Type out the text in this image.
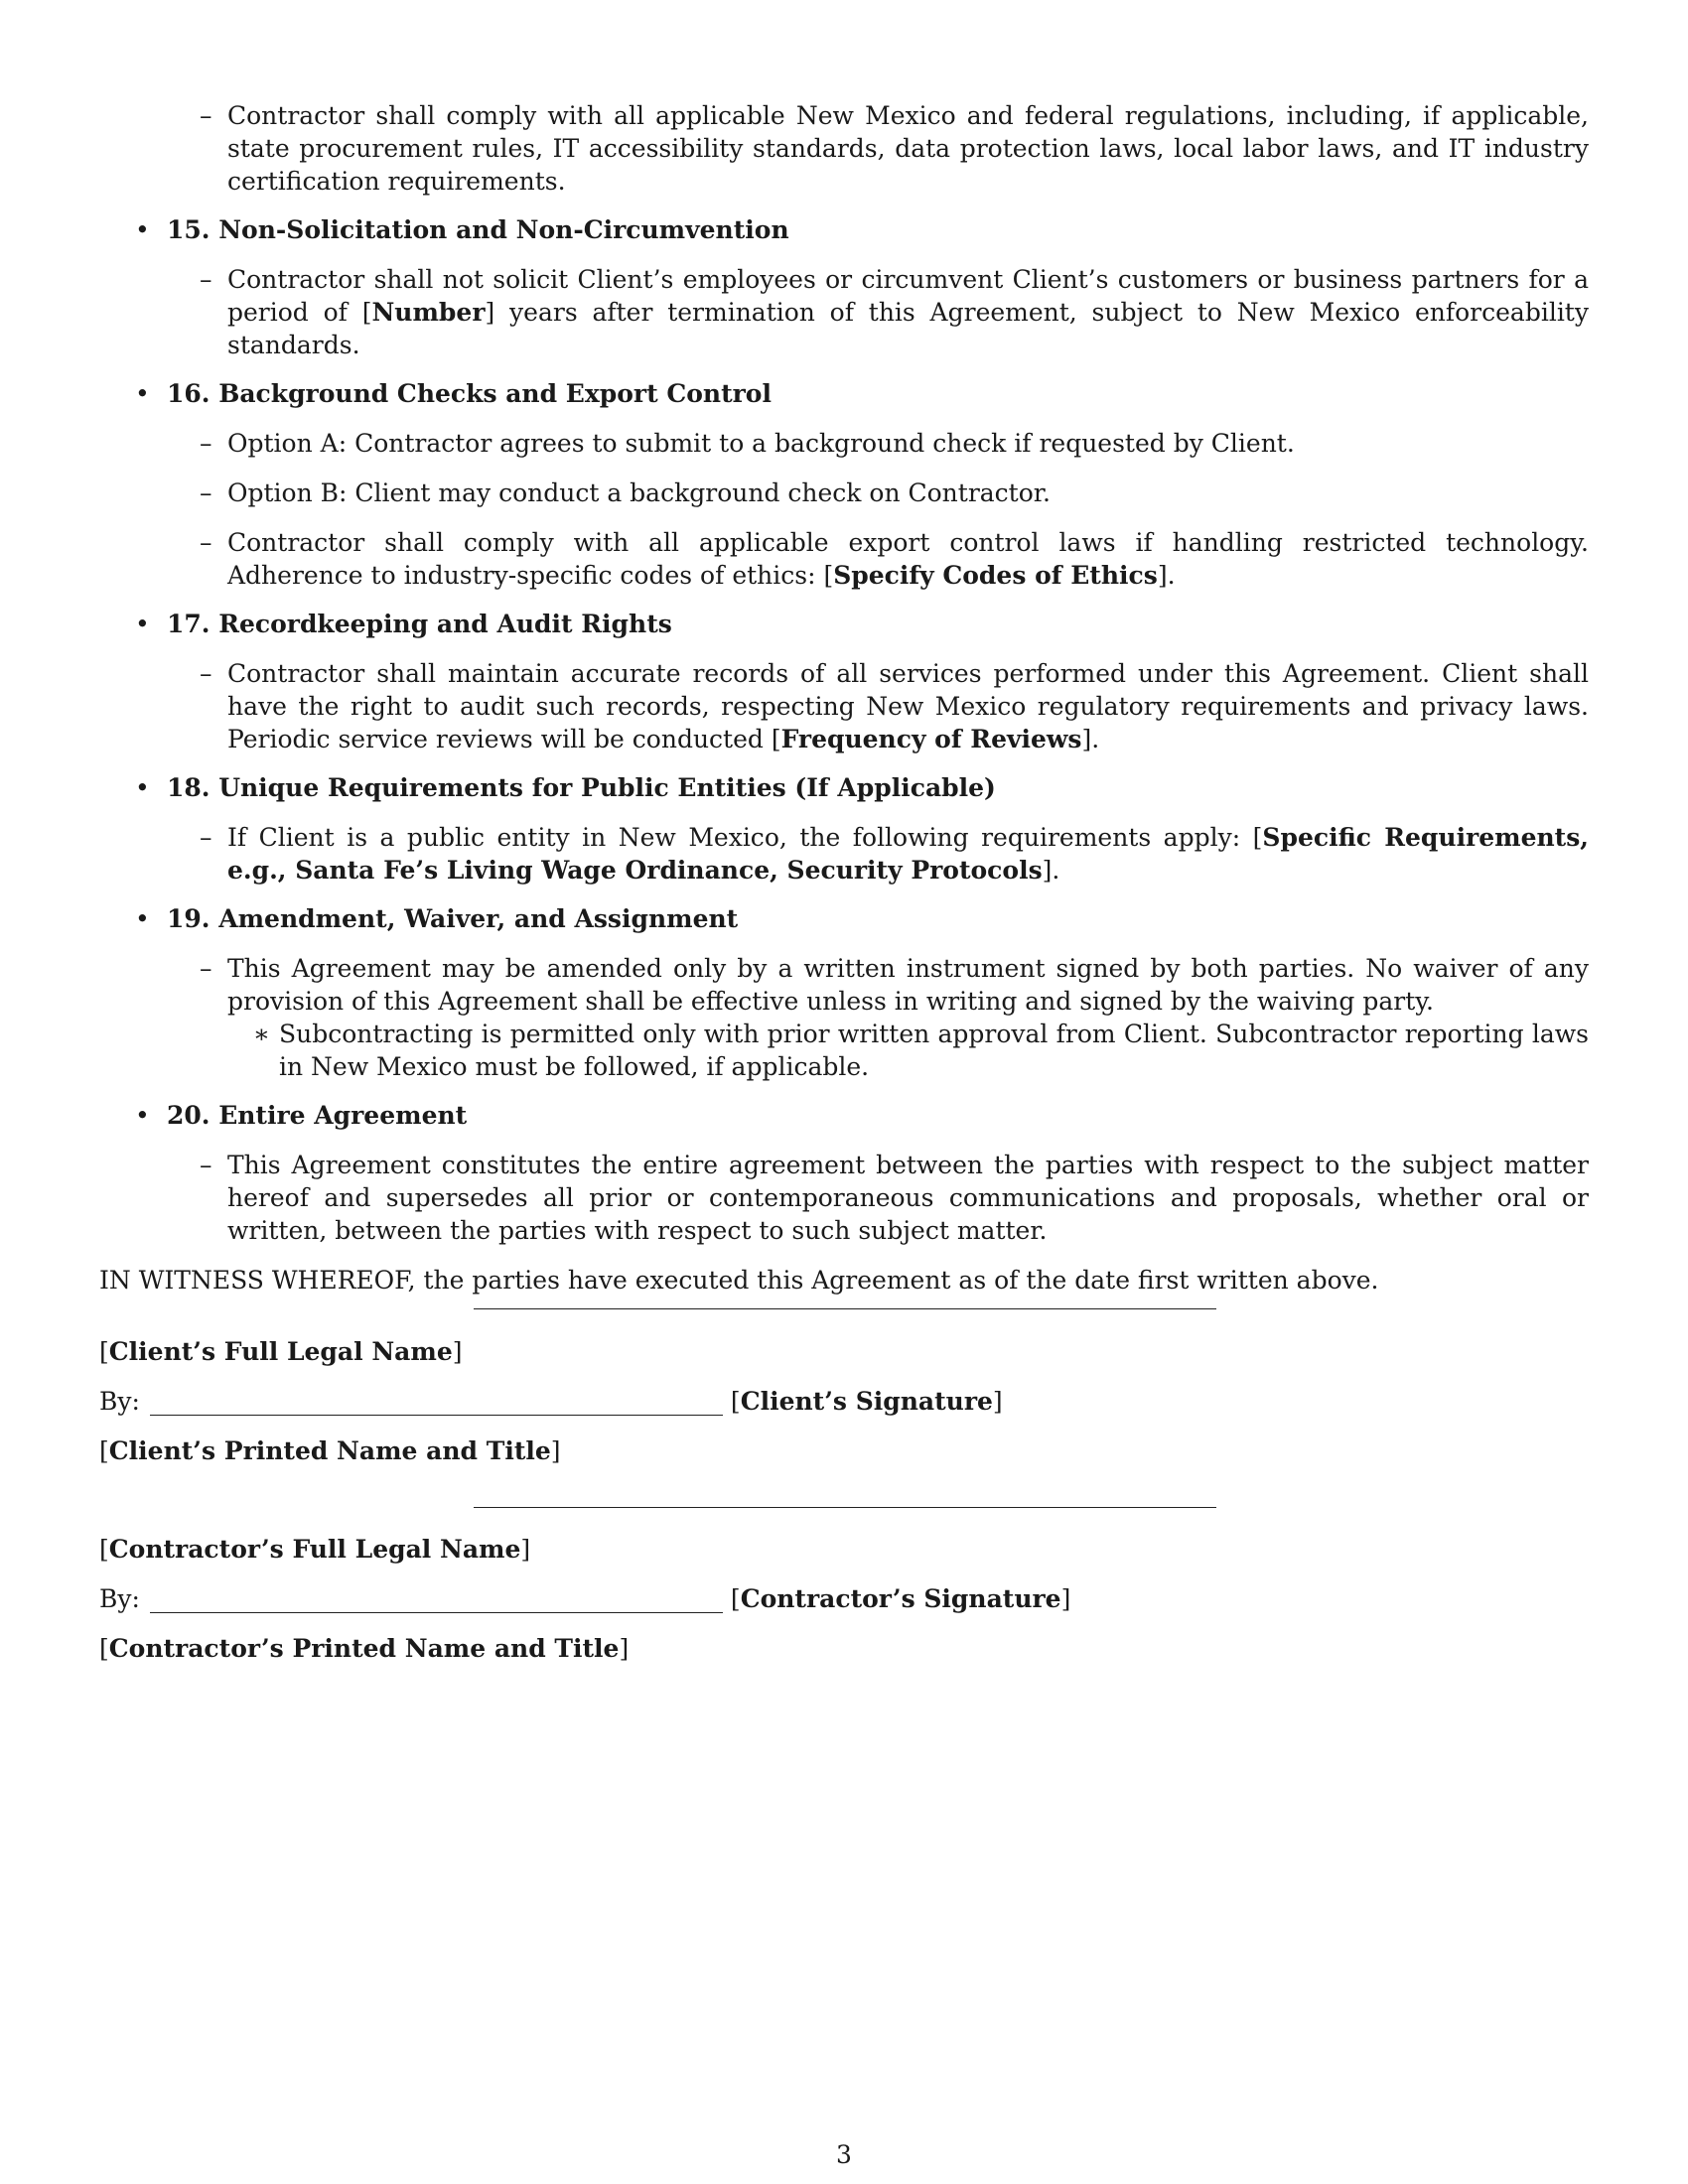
– Contractor shall comply with all applicable New Mexico and federal regulations, including, if applicable, state procurement rules, IT accessibility standards, data protection laws, local labor laws, and IT industry certification requirements.
• 15. Non-Solicitation and Non-Circumvention
– Contractor shall not solicit Client’s employees or circumvent Client’s customers or business partners for a period of [Number] years after termination of this Agreement, subject to New Mexico enforceability standards.
• 16. Background Checks and Export Control
– Option A: Contractor agrees to submit to a background check if requested by Client.
– Option B: Client may conduct a background check on Contractor.
– Contractor shall comply with all applicable export control laws if handling restricted technology. Adherence to industry-specific codes of ethics: [Specify Codes of Ethics].
• 17. Recordkeeping and Audit Rights
– Contractor shall maintain accurate records of all services performed under this Agreement. Client shall have the right to audit such records, respecting New Mexico regulatory requirements and privacy laws. Periodic service reviews will be conducted [Frequency of Reviews].
• 18. Unique Requirements for Public Entities (If Applicable)
– If Client is a public entity in New Mexico, the following requirements apply: [Specific Requirements, e.g., Santa Fe’s Living Wage Ordinance, Security Protocols].
• 19. Amendment, Waiver, and Assignment
– This Agreement may be amended only by a written instrument signed by both parties. No waiver of any provision of this Agreement shall be effective unless in writing and signed by the waiving party.
∗ Subcontracting is permitted only with prior written approval from Client. Subcontractor reporting laws in New Mexico must be followed, if applicable.
• 20. Entire Agreement
– This Agreement constitutes the entire agreement between the parties with respect to the subject matter hereof and supersedes all prior or contemporaneous communications and proposals, whether oral or written, between the parties with respect to such subject matter.
IN WITNESS WHEREOF, the parties have executed this Agreement as of the date first written above.
[Client’s Full Legal Name]
By:	[Client’s Signature]
[Client’s Printed Name and Title]
[Contractor’s Full Legal Name]
By:	[Contractor’s Signature]
[Contractor’s Printed Name and Title]
3
